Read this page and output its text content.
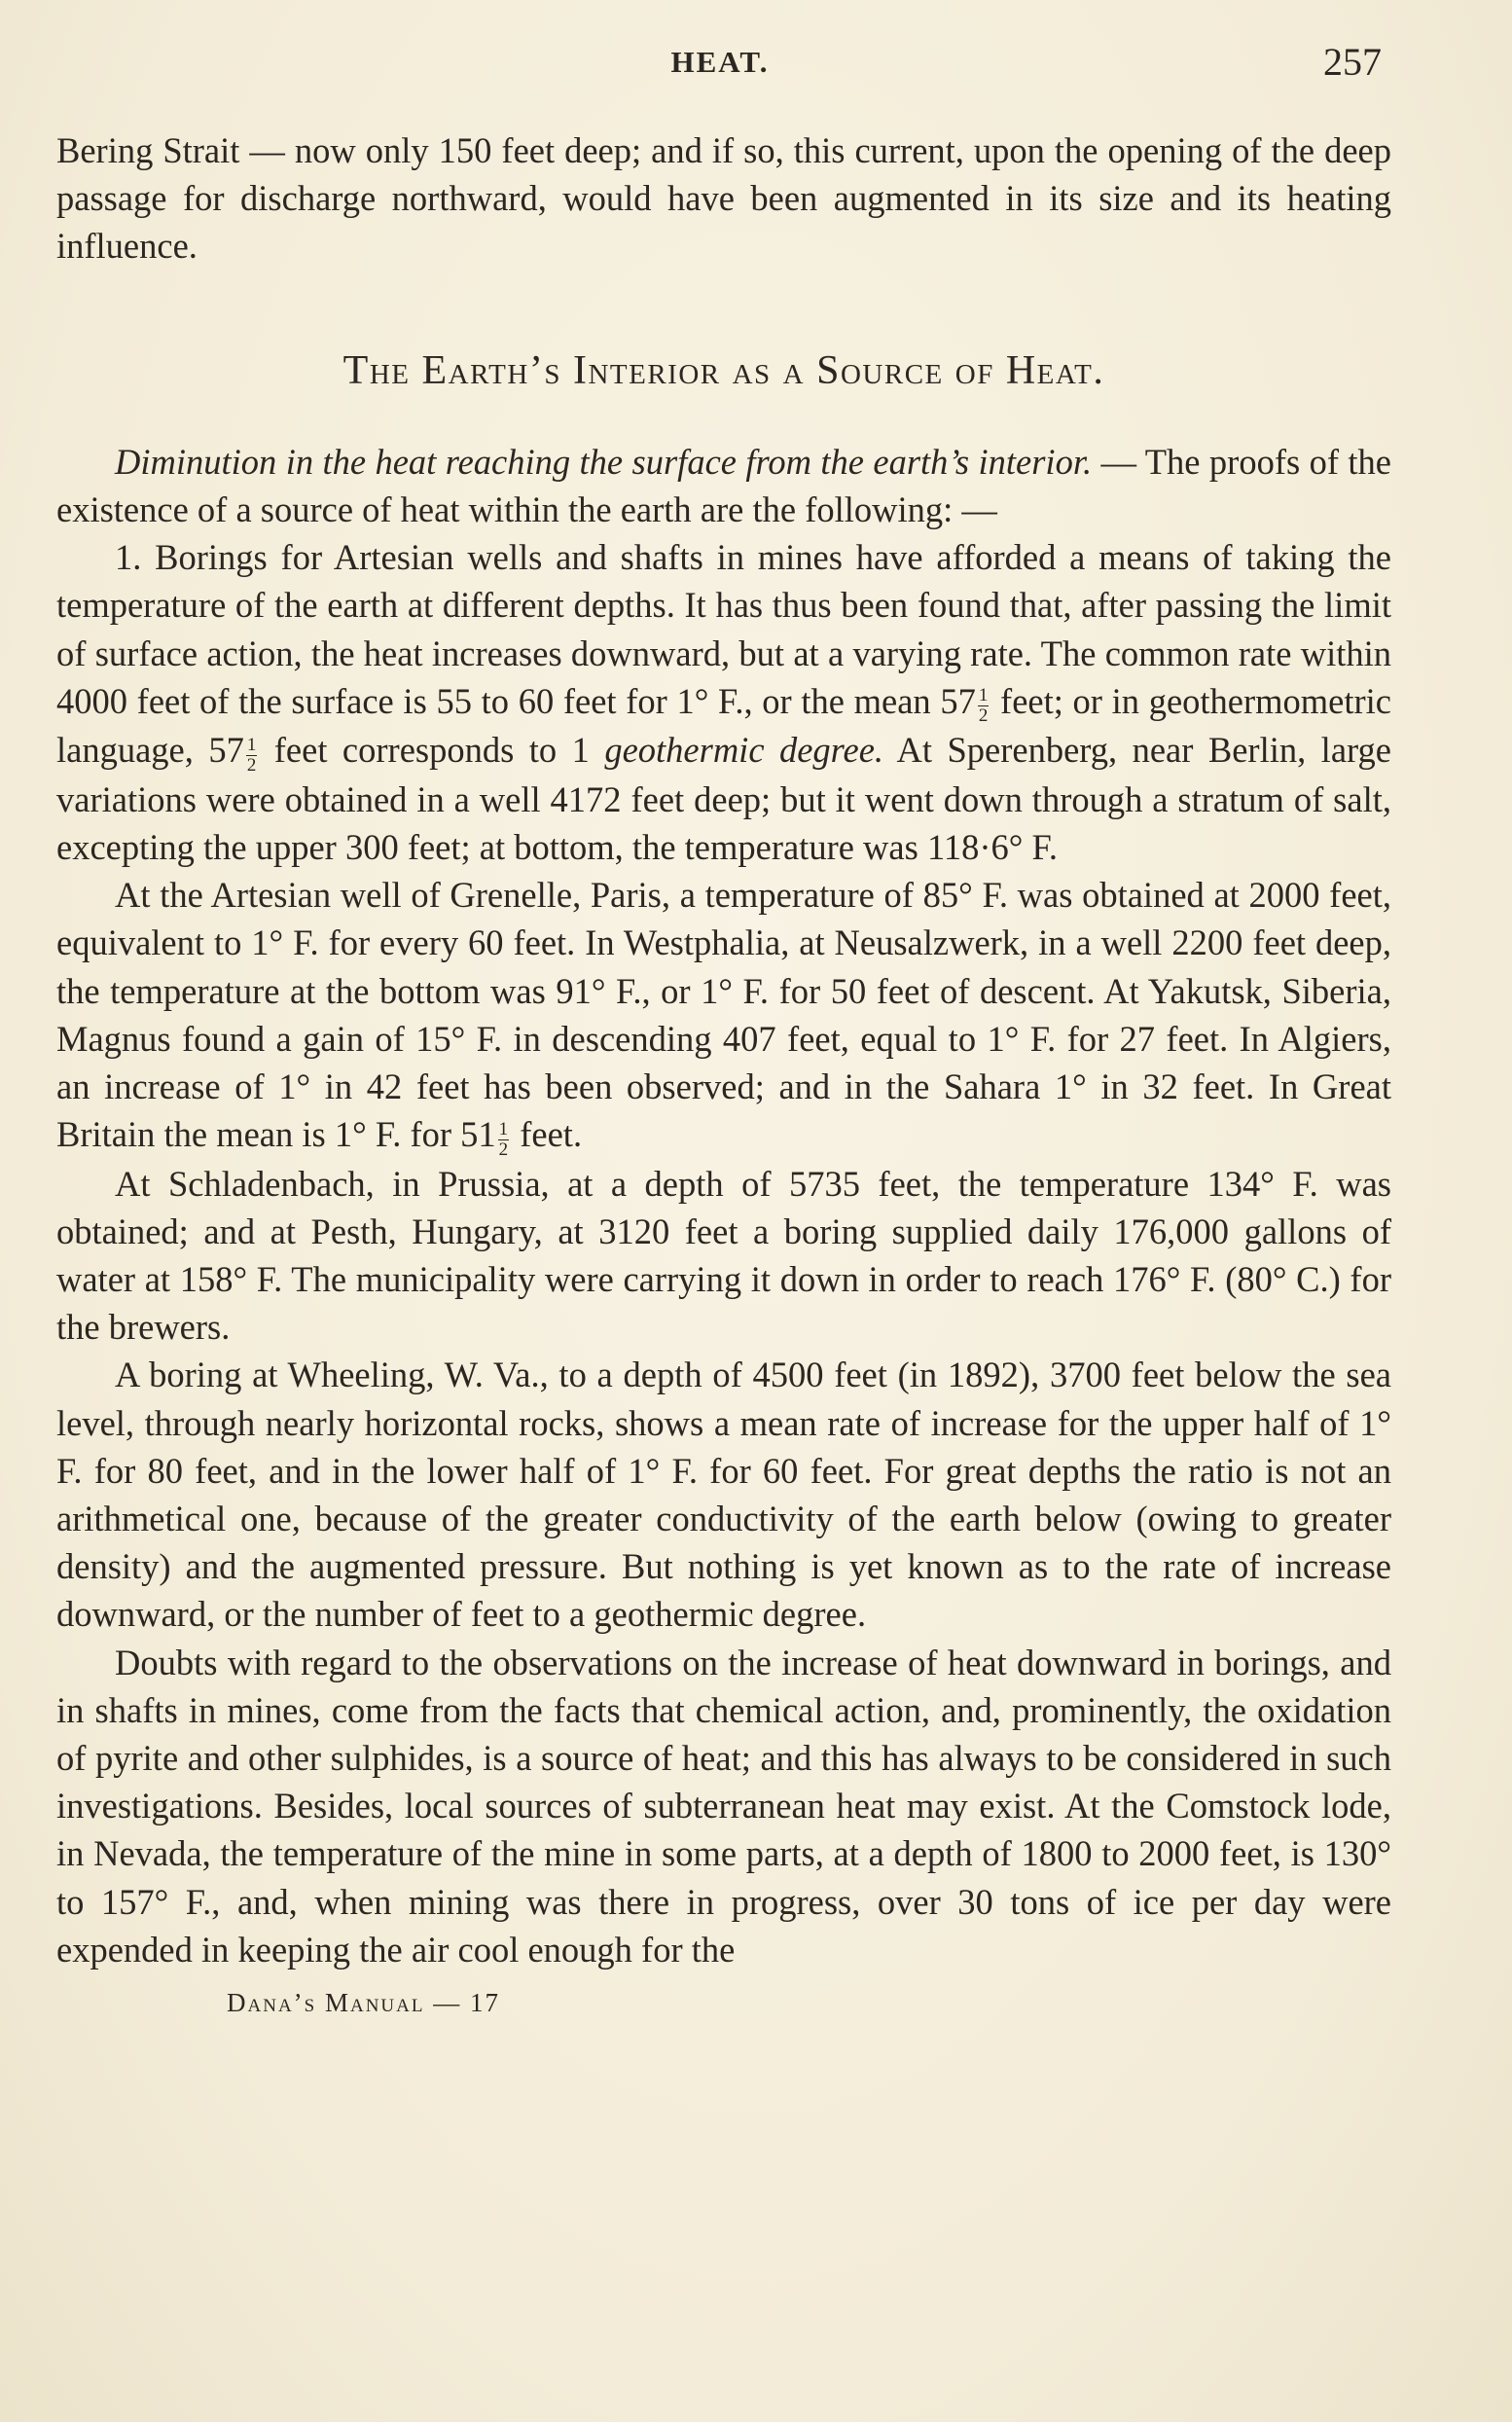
HEAT.	257

Bering Strait — now only 150 feet deep; and if so, this current, upon the opening of the deep passage for discharge northward, would have been augmented in its size and its heating influence.

The Earth’s Interior as a Source of Heat.

Diminution in the heat reaching the surface from the earth’s interior. — The proofs of the existence of a source of heat within the earth are the following: —

1. Borings for Artesian wells and shafts in mines have afforded a means of taking the temperature of the earth at different depths. It has thus been found that, after passing the limit of surface action, the heat increases downward, but at a varying rate. The common rate within 4000 feet of the surface is 55 to 60 feet for 1° F., or the mean $57 \frac{1}{2}$ feet; or in geothermometric language, $57 \frac{1}{2}$ feet corresponds to 1 geothermic degree. At Sperenberg, near Berlin, large variations were obtained in a well 4172 feet deep; but it went down through a stratum of salt, excepting the upper 300 feet; at bottom, the temperature was 118·6° F.

At the Artesian well of Grenelle, Paris, a temperature of 85° F. was obtained at 2000 feet, equivalent to 1° F. for every 60 feet. In Westphalia, at Neusalzwerk, in a well 2200 feet deep, the temperature at the bottom was 91° F., or 1° F. for 50 feet of descent. At Yakutsk, Siberia, Magnus found a gain of 15° F. in descending 407 feet, equal to 1° F. for 27 feet. In Algiers, an increase of 1° in 42 feet has been observed; and in the Sahara 1° in 32 feet. In Great Britain the mean is 1° F. for $51 \frac{1}{2}$ feet.

At Schladenbach, in Prussia, at a depth of 5735 feet, the temperature 134° F. was obtained; and at Pesth, Hungary, at 3120 feet a boring supplied daily 176,000 gallons of water at 158° F. The municipality were carrying it down in order to reach 176° F. (80° C.) for the brewers.

A boring at Wheeling, W. Va., to a depth of 4500 feet (in 1892), 3700 feet below the sea level, through nearly horizontal rocks, shows a mean rate of increase for the upper half of 1° F. for 80 feet, and in the lower half of 1° F. for 60 feet. For great depths the ratio is not an arithmetical one, because of the greater conductivity of the earth below (owing to greater density) and the augmented pressure. But nothing is yet known as to the rate of increase downward, or the number of feet to a geothermic degree.

Doubts with regard to the observations on the increase of heat downward in borings, and in shafts in mines, come from the facts that chemical action, and, prominently, the oxidation of pyrite and other sulphides, is a source of heat; and this has always to be considered in such investigations. Besides, local sources of subterranean heat may exist. At the Comstock lode, in Nevada, the temperature of the mine in some parts, at a depth of 1800 to 2000 feet, is 130° to 157° F., and, when mining was there in progress, over 30 tons of ice per day were expended in keeping the air cool enough for the

Dana’s Manual — 17
